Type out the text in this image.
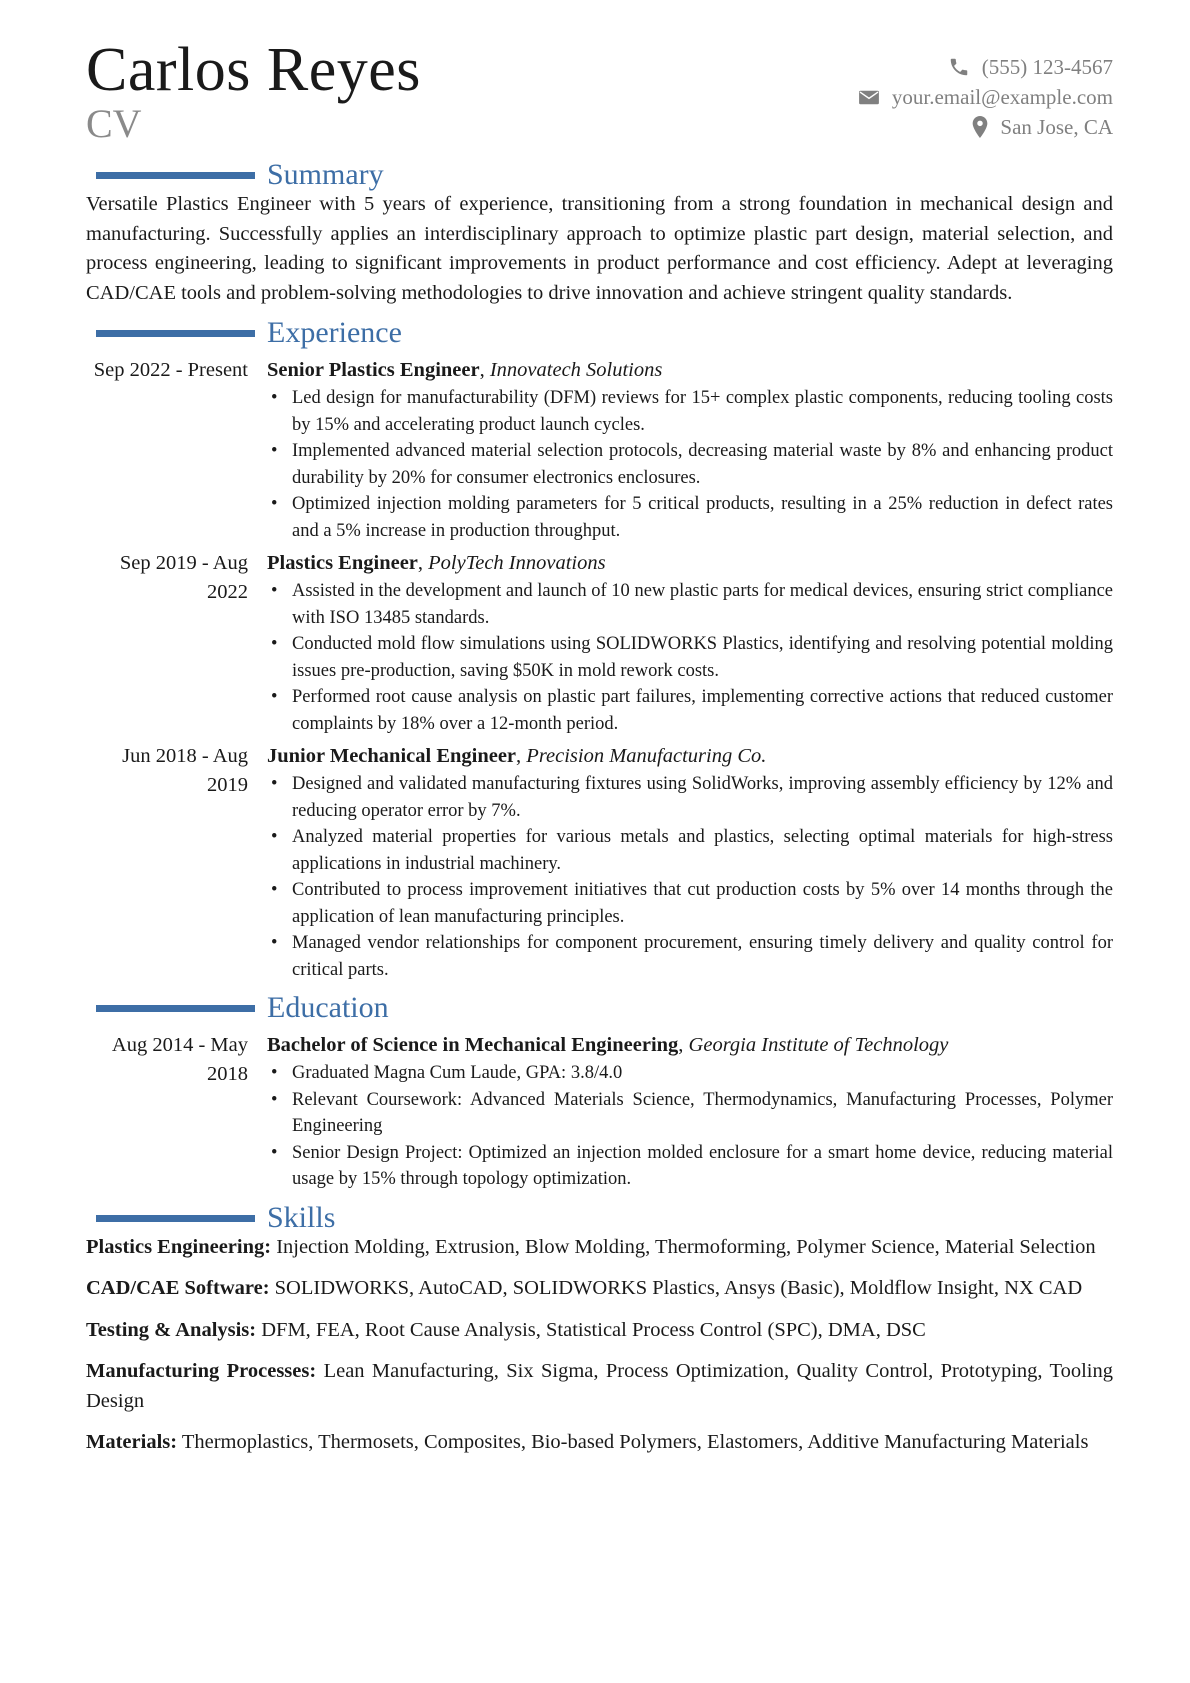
Carlos Reyes
CV
(555) 123-4567
your.email@example.com
San Jose, CA
Summary

Versatile Plastics Engineer with 5 years of experience, transitioning from a strong foundation in mechanical design and manufacturing. Successfully applies an interdisciplinary approach to optimize plastic part design, material selection, and process engineering, leading to significant improvements in product performance and cost efficiency. Adept at leveraging CAD/CAE tools and problem-solving methodologies to drive innovation and achieve stringent quality standards.

Experience
Sep 2022 - Present Senior Plastics Engineer, Innovatech Solutions
• Led design for manufacturability (DFM) reviews for 15+ complex plastic components, reducing tooling costs by 15% and accelerating product launch cycles.
• Implemented advanced material selection protocols, decreasing material waste by 8% and enhancing product durability by 20% for consumer electronics enclosures.
• Optimized injection molding parameters for 5 critical products, resulting in a 25% reduction in defect rates and a 5% increase in production throughput.
Sep 2019 - Aug 2022
Plastics Engineer, PolyTech Innovations
• Assisted in the development and launch of 10 new plastic parts for medical devices, ensuring strict compliance with ISO 13485 standards.
• Conducted mold flow simulations using SOLIDWORKS Plastics, identifying and resolving potential molding issues pre-production, saving $50K in mold rework costs.
• Performed root cause analysis on plastic part failures, implementing corrective actions that reduced customer complaints by 18% over a 12-month period.
Jun 2018 - Aug 2019
Junior Mechanical Engineer, Precision Manufacturing Co.
• Designed and validated manufacturing fixtures using SolidWorks, improving assembly efficiency by 12% and reducing operator error by 7%.
• Analyzed material properties for various metals and plastics, selecting optimal materials for high-stress applications in industrial machinery.
• Contributed to process improvement initiatives that cut production costs by 5% over 14 months through the application of lean manufacturing principles.
• Managed vendor relationships for component procurement, ensuring timely delivery and quality control for critical parts.
Education
Aug 2014 - May 2018
Bachelor of Science in Mechanical Engineering, Georgia Institute of Technology
• Graduated Magna Cum Laude, GPA: 3.8/4.0
• Relevant Coursework: Advanced Materials Science, Thermodynamics, Manufacturing Processes, Polymer Engineering
• Senior Design Project: Optimized an injection molded enclosure for a smart home device, reducing material usage by 15% through topology optimization.
Skills

Plastics Engineering: Injection Molding, Extrusion, Blow Molding, Thermoforming, Polymer Science, Material Selection

CAD/CAE Software: SOLIDWORKS, AutoCAD, SOLIDWORKS Plastics, Ansys (Basic), Moldflow Insight, NX CAD

Testing & Analysis: DFM, FEA, Root Cause Analysis, Statistical Process Control (SPC), DMA, DSC

Manufacturing Processes: Lean Manufacturing, Six Sigma, Process Optimization, Quality Control, Prototyping, Tooling Design

Materials: Thermoplastics, Thermosets, Composites, Bio-based Polymers, Elastomers, Additive Manufacturing Materials
